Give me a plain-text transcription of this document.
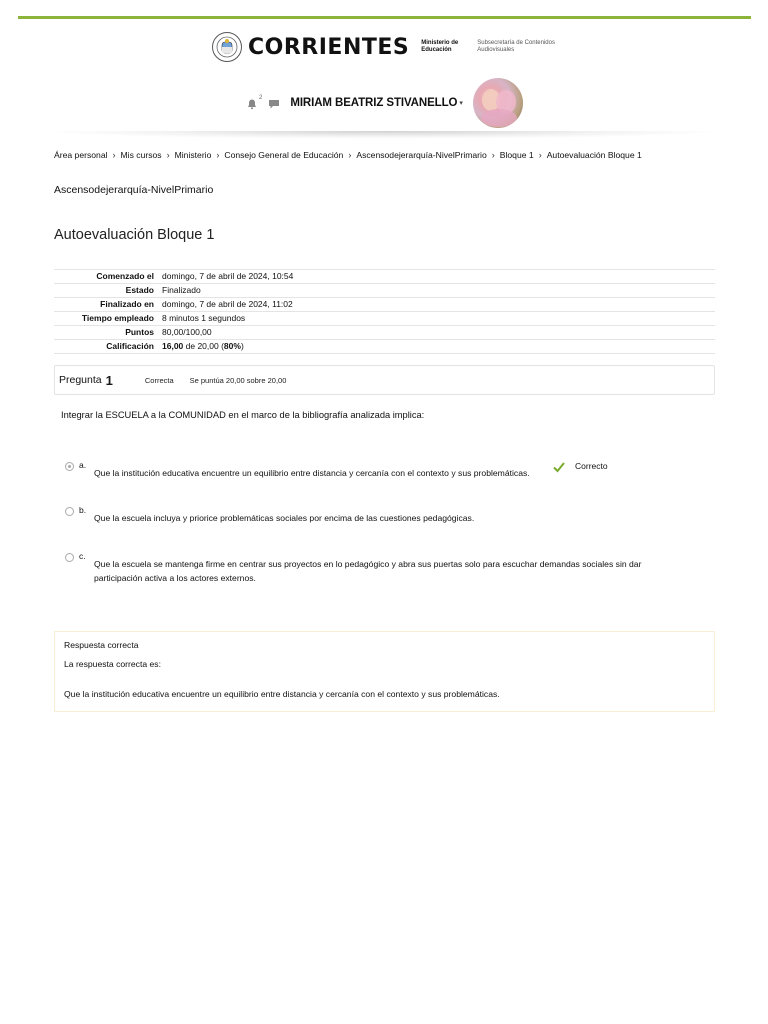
CORRIENTES Ministerio de Educación
Subsecretaría de Contenidos Audiovisuales
2 MIRIAM BEATRIZ STIVANELLO ▾
Área personal › Mis cursos › Ministerio › Consejo General de Educación › Ascensodejerarquía-NivelPrimario › Bloque 1 › Autoevaluación Bloque 1
Ascensodejerarquía-NivelPrimario
Autoevaluación Bloque 1
Comenzado el	domingo, 7 de abril de 2024, 10:54
Estado	Finalizado
Finalizado en	domingo, 7 de abril de 2024, 11:02
Tiempo empleado	8 minutos 1 segundos
Puntos	80,00/100,00
Calificación	16,00 de 20,00 (80%)
Pregunta 1	Correcta Se puntúa 20,00 sobre 20,00
Integrar la ESCUELA a la COMUNIDAD en el marco de la bibliografía analizada implica:
a.
Que la institución educativa encuentre un equilibrio entre distancia y cercanía con el contexto y sus problemáticas.
Correcto
b.
Que la escuela incluya y priorice problemáticas sociales por encima de las cuestiones pedagógicas.
c.
Que la escuela se mantenga firme en centrar sus proyectos en lo pedagógico y abra sus puertas solo para escuchar demandas sociales sin dar participación activa a los actores externos.
Respuesta correcta
La respuesta correcta es:
Que la institución educativa encuentre un equilibrio entre distancia y cercanía con el contexto y sus problemáticas.
